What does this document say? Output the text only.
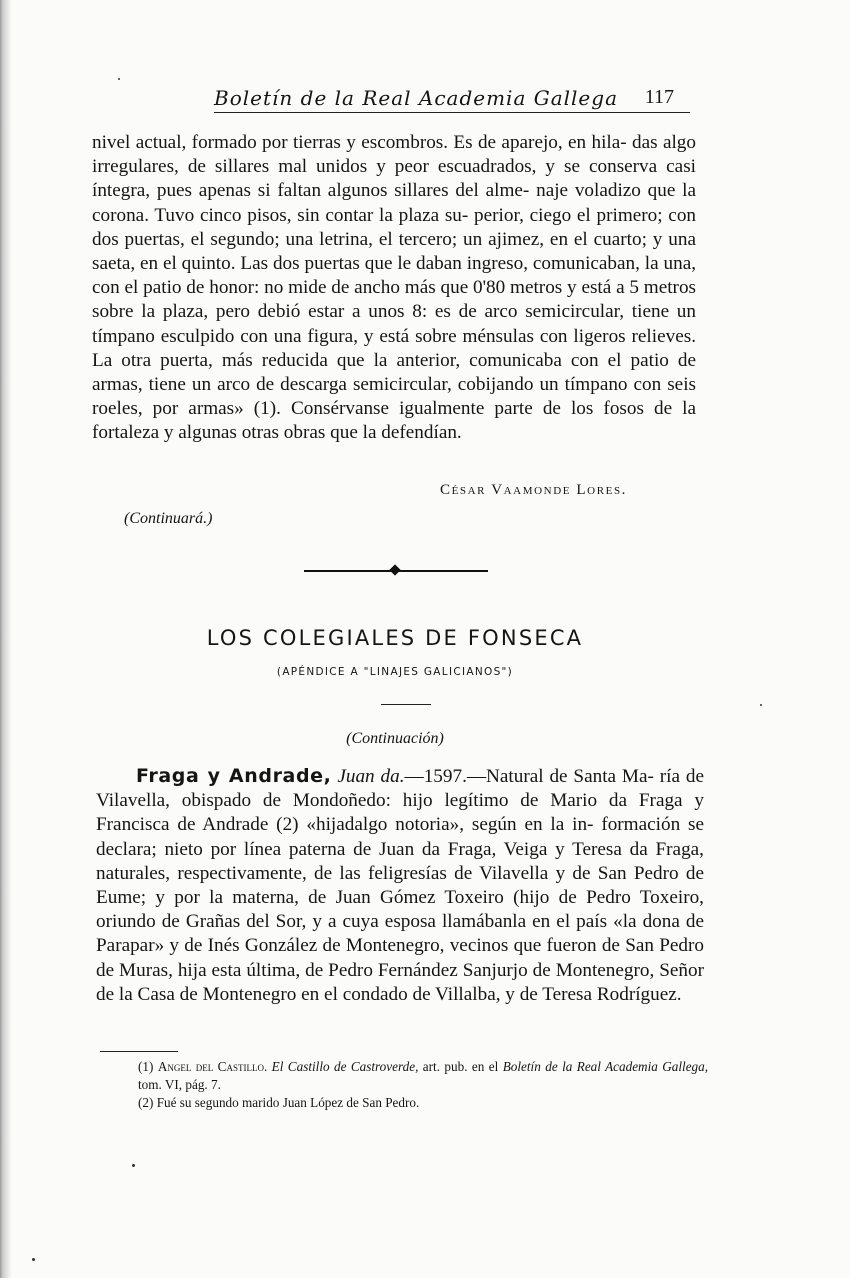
Boletín de la Real Academia Gallega 117

nivel actual, formado por tierras y escombros. Es de aparejo, en hila- das algo irregulares, de sillares mal unidos y peor escuadrados, y se conserva casi íntegra, pues apenas si faltan algunos sillares del alme- naje voladizo que la corona. Tuvo cinco pisos, sin contar la plaza su- perior, ciego el primero; con dos puertas, el segundo; una letrina, el tercero; un ajimez, en el cuarto; y una saeta, en el quinto. Las dos puertas que le daban ingreso, comunicaban, la una, con el patio de honor: no mide de ancho más que 0'80 metros y está a 5 metros sobre la plaza, pero debió estar a unos 8: es de arco semicircular, tiene un tímpano esculpido con una figura, y está sobre ménsulas con ligeros relieves. La otra puerta, más reducida que la anterior, comunicaba con el patio de armas, tiene un arco de descarga semicircular, cobijando un tímpano con seis roeles, por armas» (1). Consérvanse igualmente parte de los fosos de la fortaleza y algunas otras obras que la defendían.

César Vaamonde Lores.
(Continuará.)
LOS COLEGIALES DE FONSECA
(APÉNDICE A "LINAJES GALICIANOS")
(Continuación)

Fraga y Andrade, Juan da.—1597.—Natural de Santa Ma- ría de Vilavella, obispado de Mondoñedo: hijo legítimo de Mario da Fraga y Francisca de Andrade (2) «hijadalgo notoria», según en la in- formación se declara; nieto por línea paterna de Juan da Fraga, Veiga y Teresa da Fraga, naturales, respectivamente, de las feligresías de Vilavella y de San Pedro de Eume; y por la materna, de Juan Gómez Toxeiro (hijo de Pedro Toxeiro, oriundo de Grañas del Sor, y a cuya esposa llamábanla en el país «la dona de Parapar» y de Inés González de Montenegro, vecinos que fueron de San Pedro de Muras, hija esta última, de Pedro Fernández Sanjurjo de Montenegro, Señor de la Casa de Montenegro en el condado de Villalba, y de Teresa Rodríguez.

(1) Angel del Castillo. El Castillo de Castroverde, art. pub. en el Boletín de la Real Academia Gallega, tom. VI, pág. 7.
(2) Fué su segundo marido Juan López de San Pedro.
